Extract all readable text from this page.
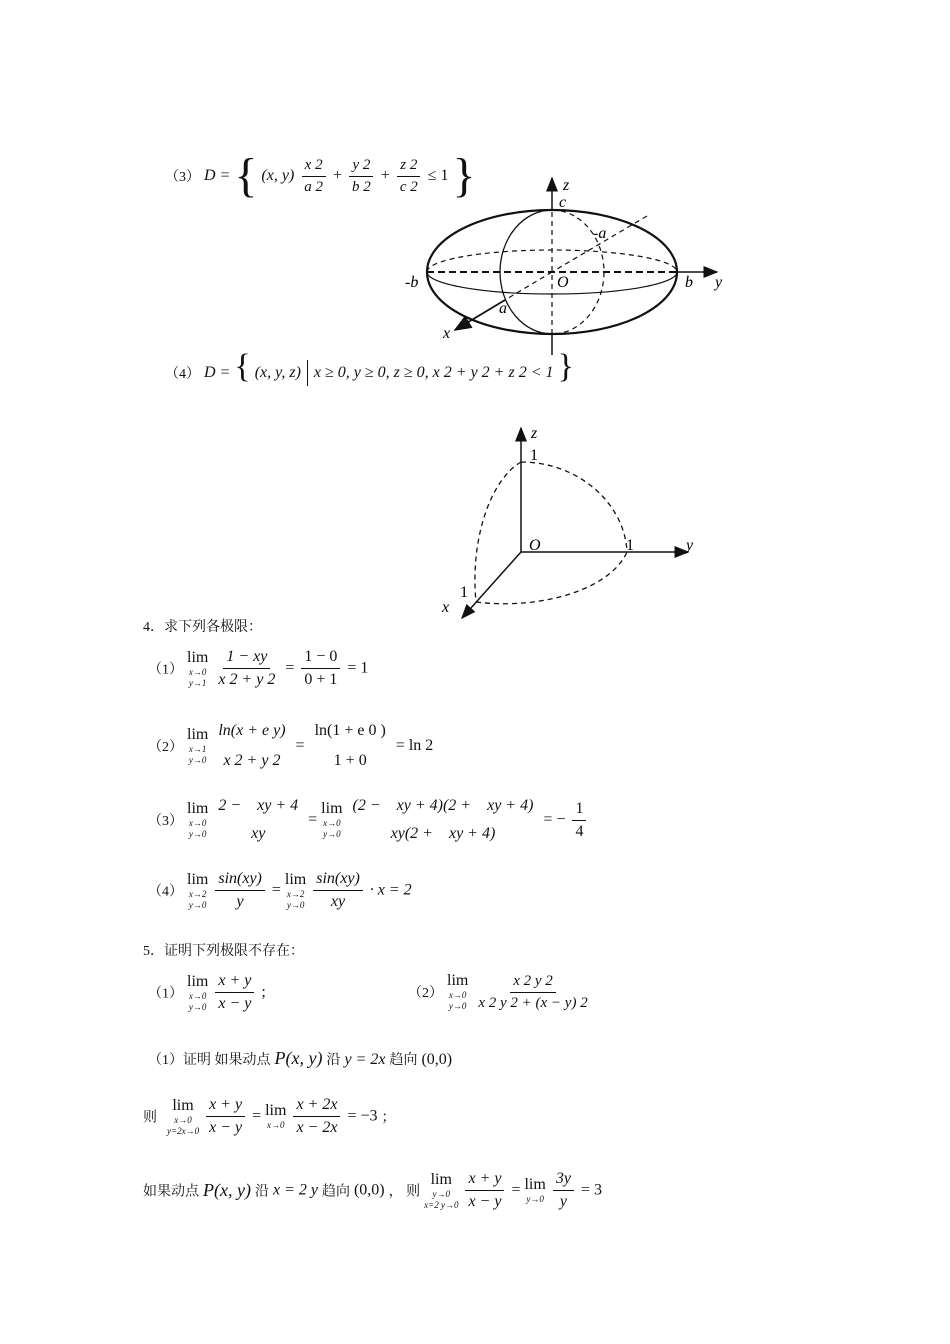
（3） D = { (x, $y) \frac{x 2}{a 2} + \frac{y 2}{b 2} + \frac{z 2}{c 2} \le 1$ }	z
c
-a
-b	O	b y
a
x
（4） D = { (x, y, z) x ≥ 0, y ≥ 0, z ≥ 0, x 2 + y 2 + z 2 < 1 }
z
1
O	1	y
1
x
4．求下列各极限：
（1）
lim
x→0
y→1
$\frac{1 - xy}{x 2 + y 2} = \frac{1 - 0}{0 + 1} = 1$
（2）
lim
x→1
y→0

ln(x + e y)
x 2 + y 2
=
ln(1 + e 0 )
1 + 0
= ln 2
（3）
lim
x→0
y→0

2 −    xy + 4
xy
=
lim
x→0
y→0

(2 −    xy + 4)(2 +    xy + 4)
xy(2 +    xy + 4)
= − $\frac{1}{4}$
（4）
lim
x→2
y→0
$\frac{\sin(xy)}{y}$ =
lim
x→2
y→0
$\frac{\sin(xy)}{xy} \cdot x = 2$
5．证明下列极限不存在：
（1）
lim
x→0
y→0
$\frac{x + y}{x - y}$ ;	（2）
lim
x→0
y→0
$\frac{x 2 y 2}{x 2 y 2 + (x - y) 2}$
（1）证明 如果动点 P(x, y) 沿 y = 2x 趋向 (0,0)
则
lim
x→0
y=2x→0
$\frac{x + y}{x - y} = \lim$
x→0
$\frac{x + 2x}{x - 2x} = -3$ ；
如果动点 P(x, y) 沿 x = 2 y 趋向 (0,0) ， 则
lim
y→0
x=2 y→0
$\frac{x + y}{x - y} = \lim$
y→0
$\frac{3y}{y} = 3$
